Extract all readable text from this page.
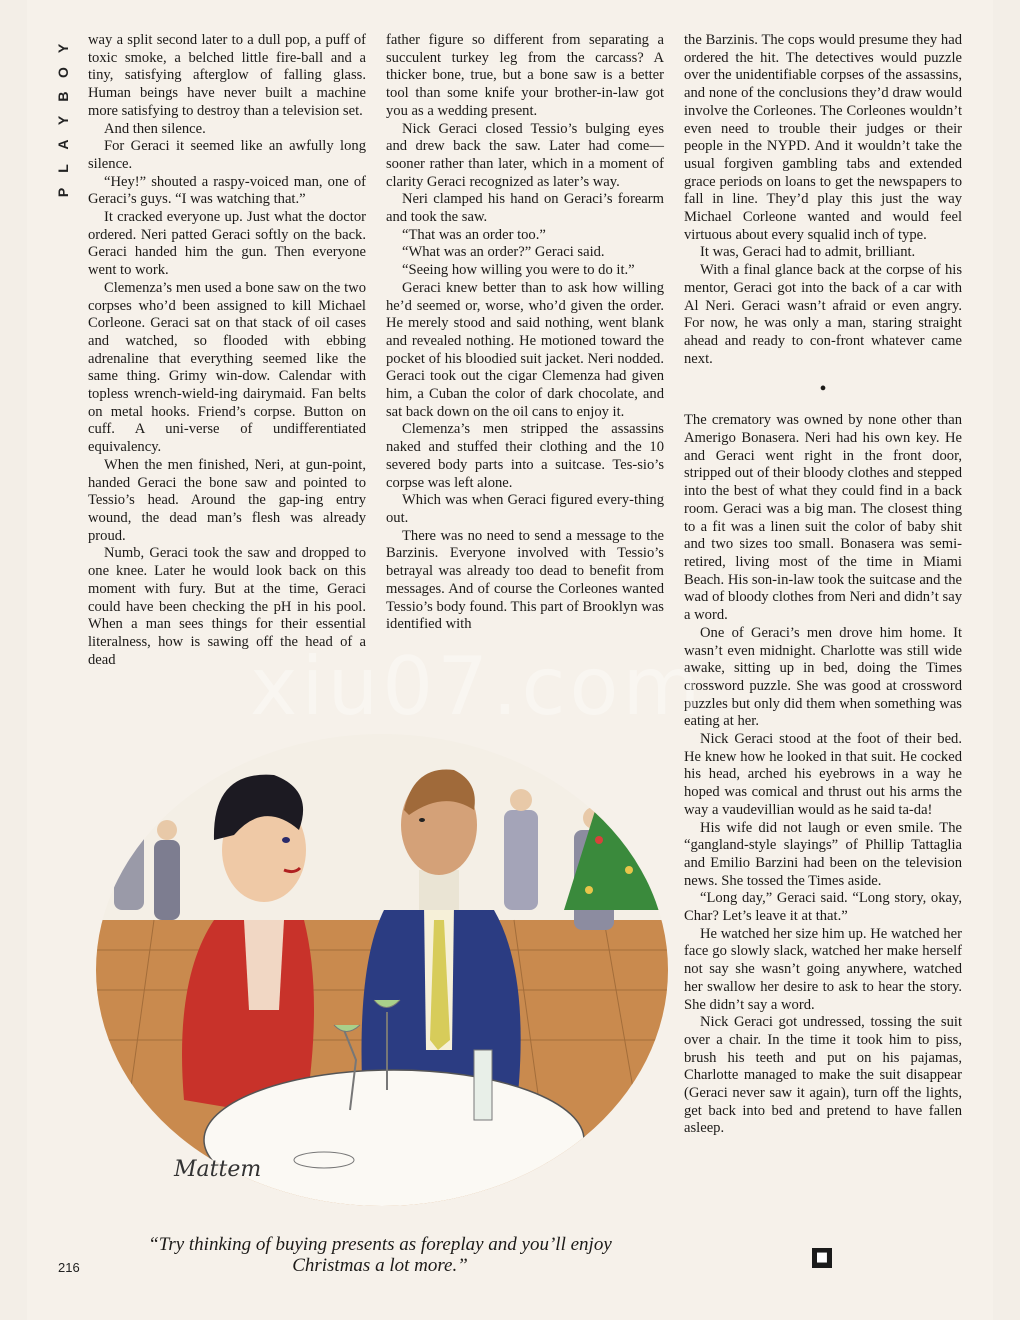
Y
O
B
Y
A
L
P

way a split second later to a dull pop, a puff of toxic smoke, a belched little fire-ball and a tiny, satisfying afterglow of falling glass. Human beings have never built a machine more satisfying to destroy than a television set.

And then silence.

For Geraci it seemed like an awfully long silence.

“Hey!” shouted a raspy-voiced man, one of Geraci’s guys. “I was watching that.”

It cracked everyone up. Just what the doctor ordered. Neri patted Geraci softly on the back. Geraci handed him the gun. Then everyone went to work.

Clemenza’s men used a bone saw on the two corpses who’d been assigned to kill Michael Corleone. Geraci sat on that stack of oil cases and watched, so flooded with ebbing adrenaline that everything seemed like the same thing. Grimy win-dow. Calendar with topless wrench-wield-ing dairymaid. Fan belts on metal hooks. Friend’s corpse. Button on cuff. A uni-verse of undifferentiated equivalency.

When the men finished, Neri, at gun-point, handed Geraci the bone saw and pointed to Tessio’s head. Around the gap-ing entry wound, the dead man’s flesh was already proud.

Numb, Geraci took the saw and dropped to one knee. Later he would look back on this moment with fury. But at the time, Geraci could have been checking the pH in his pool. When a man sees things for their essential literalness, how is sawing off the head of a dead

father figure so different from separating a succulent turkey leg from the carcass? A thicker bone, true, but a bone saw is a better tool than some knife your brother-in-law got you as a wedding present.

Nick Geraci closed Tessio’s bulging eyes and drew back the saw. Later had come—sooner rather than later, which in a moment of clarity Geraci recognized as later’s way.

Neri clamped his hand on Geraci’s forearm and took the saw.

“That was an order too.”

“What was an order?” Geraci said.

“Seeing how willing you were to do it.”

Geraci knew better than to ask how willing he’d seemed or, worse, who’d given the order. He merely stood and said nothing, went blank and revealed nothing. He motioned toward the pocket of his bloodied suit jacket. Neri nodded. Geraci took out the cigar Clemenza had given him, a Cuban the color of dark chocolate, and sat back down on the oil cans to enjoy it.

Clemenza’s men stripped the assassins naked and stuffed their clothing and the 10 severed body parts into a suitcase. Tes-sio’s corpse was left alone.

Which was when Geraci figured every-thing out.

There was no need to send a message to the Barzinis. Everyone involved with Tessio’s betrayal was already too dead to benefit from messages. And of course the Corleones wanted Tessio’s body found. This part of Brooklyn was identified with

the Barzinis. The cops would presume they had ordered the hit. The detectives would puzzle over the unidentifiable corpses of the assassins, and none of the conclusions they’d draw would involve the Corleones. The Corleones wouldn’t even need to trouble their judges or their people in the NYPD. And it wouldn’t take the usual forgiven gambling tabs and extended grace periods on loans to get the newspapers to fall in line. They’d play this just the way Michael Corleone wanted and would feel virtuous about every squalid inch of type.

It was, Geraci had to admit, brilliant.

With a final glance back at the corpse of his mentor, Geraci got into the back of a car with Al Neri. Geraci wasn’t afraid or even angry. For now, he was only a man, staring straight ahead and ready to con-front whatever came next.

•

The crematory was owned by none other than Amerigo Bonasera. Neri had his own key. He and Geraci went right in the front door, stripped out of their bloody clothes and stepped into the best of what they could find in a back room. Geraci was a big man. The closest thing to a fit was a linen suit the color of baby shit and two sizes too small. Bonasera was semi-retired, living most of the time in Miami Beach. His son-in-law took the suitcase and the wad of bloody clothes from Neri and didn’t say a word.

One of Geraci’s men drove him home. It wasn’t even midnight. Charlotte was still wide awake, sitting up in bed, doing the Times crossword puzzle. She was good at crossword puzzles but only did them when something was eating at her.

Nick Geraci stood at the foot of their bed. He knew how he looked in that suit. He cocked his head, arched his eyebrows in a way he hoped was comical and thrust out his arms the way a vaudevillian would as he said ta-da!

His wife did not laugh or even smile. The “gangland-style slayings” of Phillip Tattaglia and Emilio Barzini had been on the television news. She tossed the Times aside.

“Long day,” Geraci said. “Long story, okay, Char? Let’s leave it at that.”

He watched her size him up. He watched her face go slowly slack, watched her make herself not say she wasn’t going anywhere, watched her swallow her desire to ask to hear the story. She didn’t say a word.

Nick Geraci got undressed, tossing the suit over a chair. In the time it took him to piss, brush his teeth and put on his pajamas, Charlotte managed to make the suit disappear (Geraci never saw it again), turn off the lights, get back into bed and pretend to have fallen asleep.

Mattem
“Try thinking of buying presents as foreplay and you’ll enjoy
Christmas a lot more.”
xiu07.com
216
■
